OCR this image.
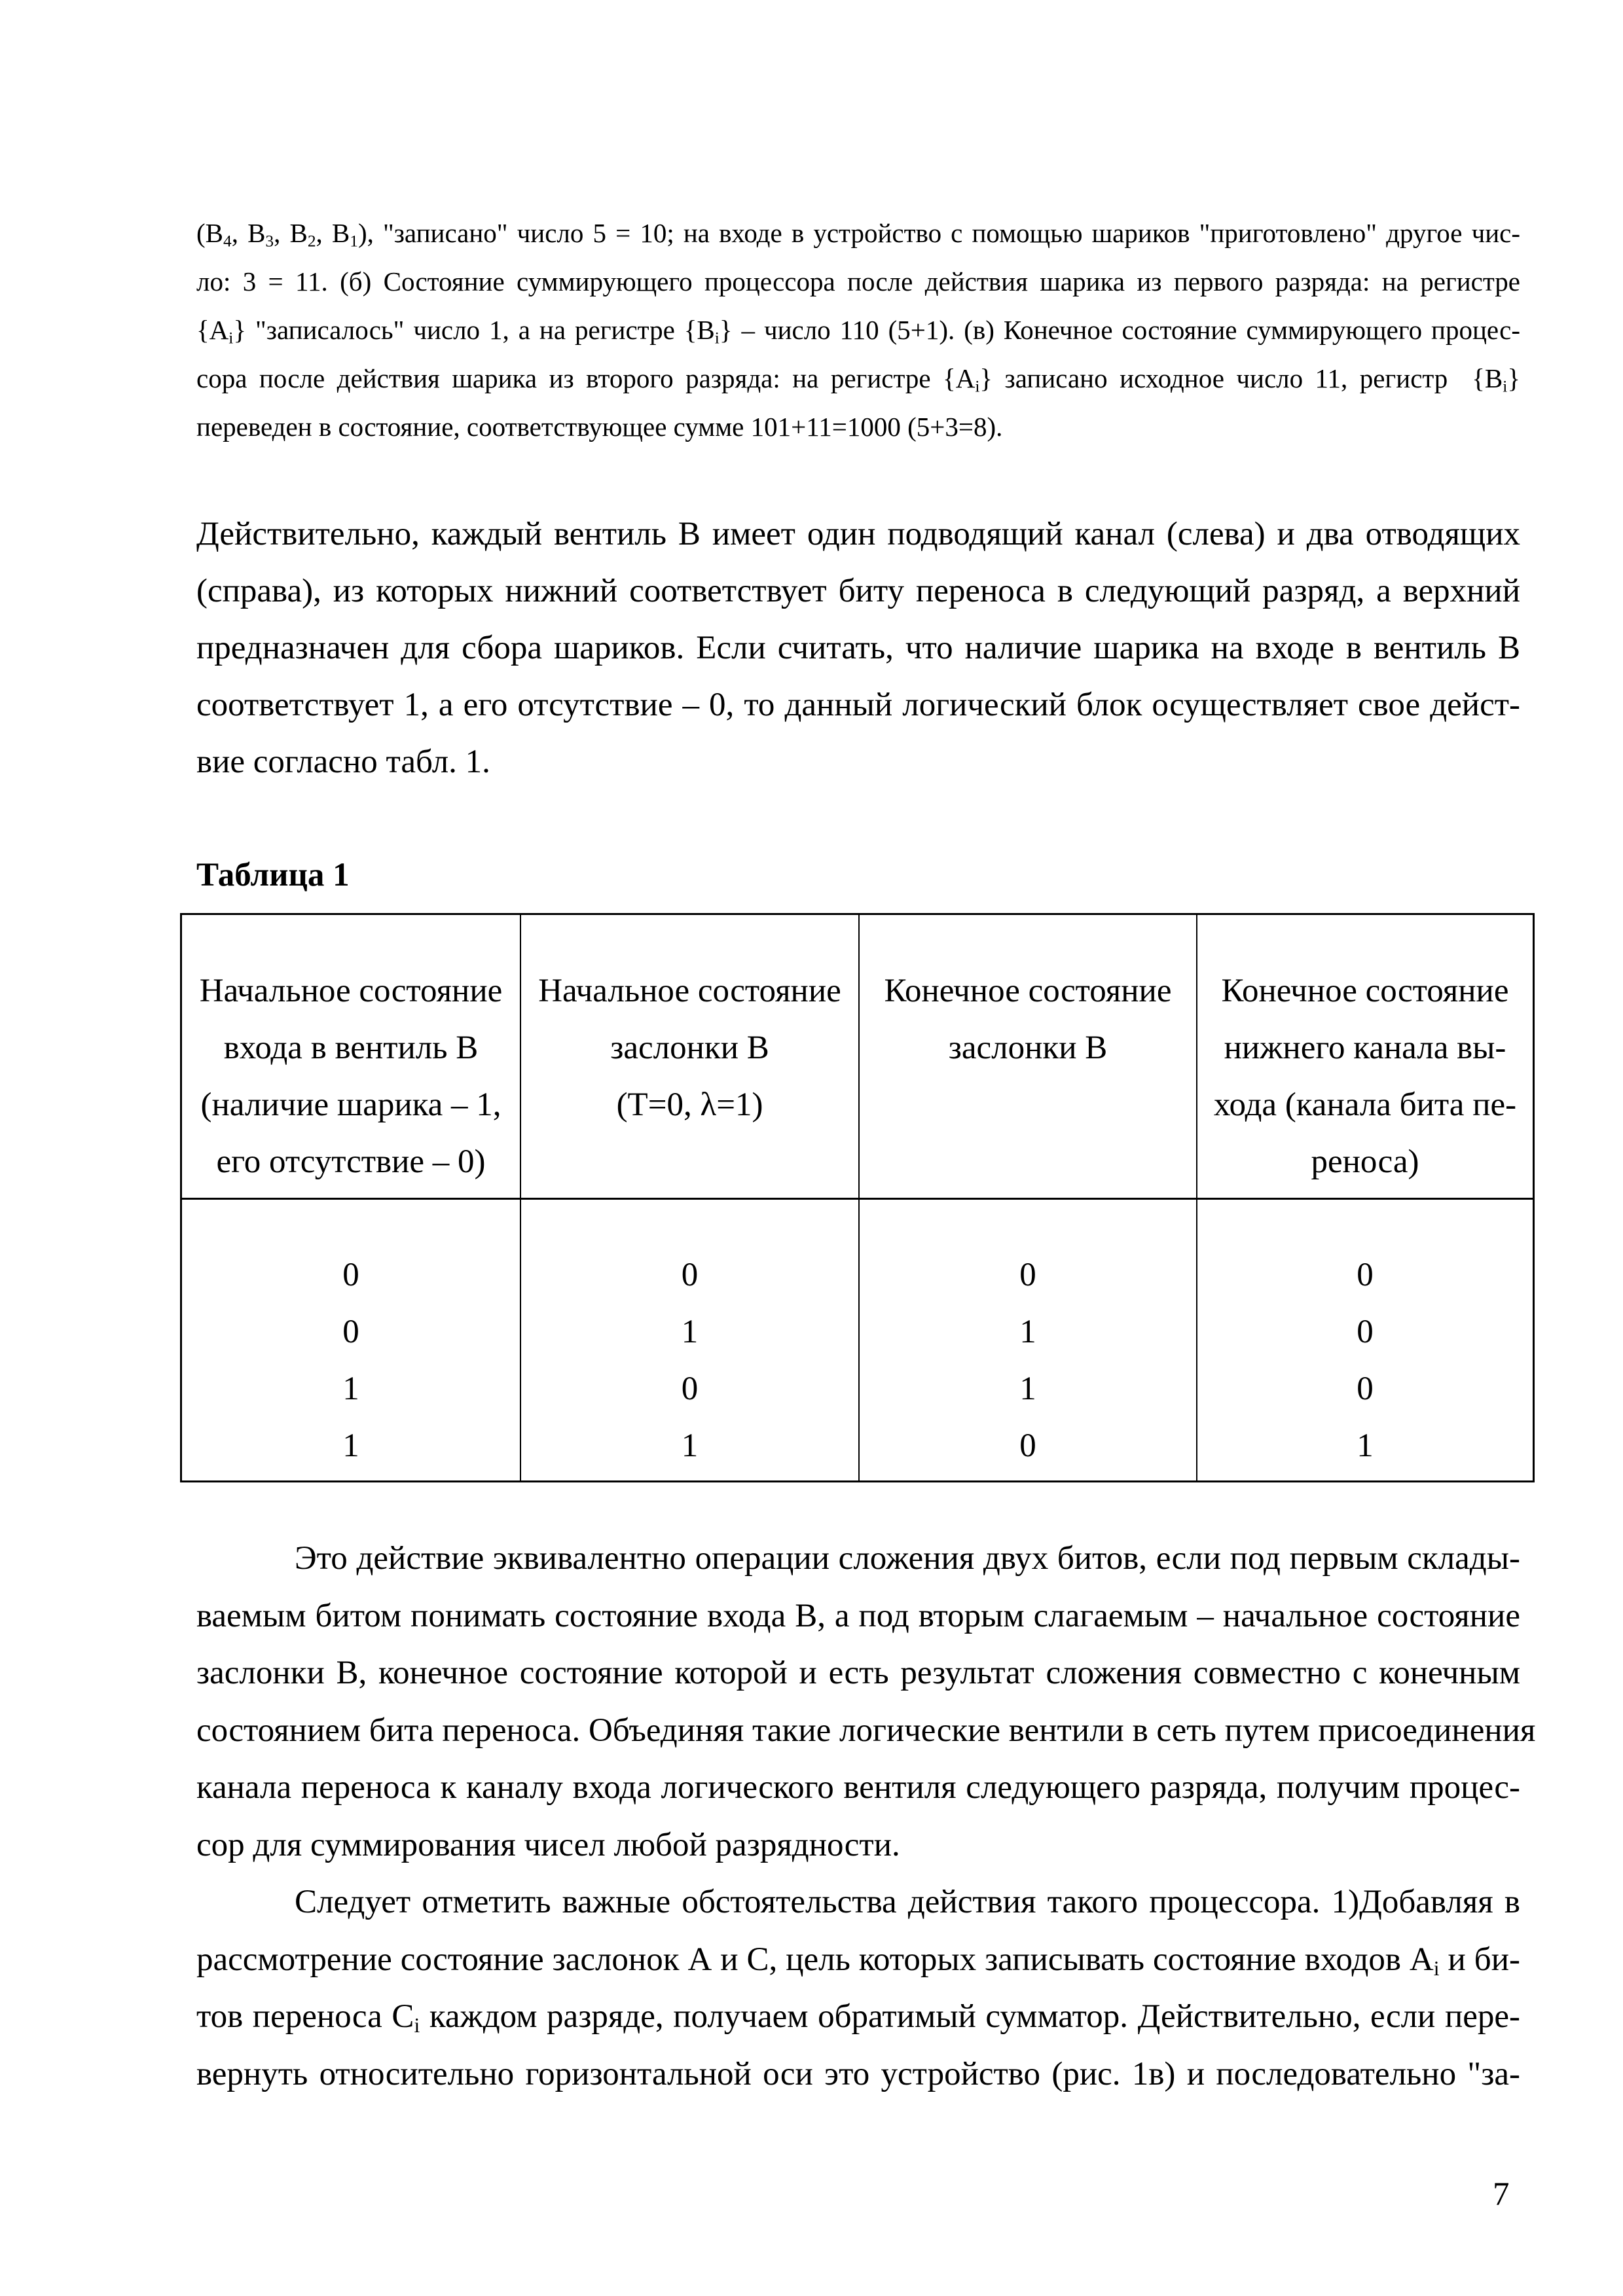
($B_4$, $B_3$, $B_2$, $B_1$), "записано" число 5 = 10; на входе в устройство с помощью шариков "приготовлено" другое чис-
ло: 3 = 11. (б) Состояние суммирующего процессора после действия шарика из первого разряда: на регистре
$\{A_i\}$ "записалось" число 1, а на регистре $\{B_i\}$ – число 110 (5+1). (в) Конечное состояние суммирующего процес-
сора после действия шарика из второго разряда: на регистре $\{A_i\}$ записано исходное число 11, регистр  $\{B_i\}$
переведен в состояние, соответствующее сумме 101+11=1000 (5+3=8).
Действительно, каждый вентиль В имеет один подводящий канал (слева) и два отводящих
(справа), из которых нижний соответствует биту переноса в следующий разряд, а верхний
предназначен для сбора шариков. Если считать, что наличие шарика на входе в вентиль В
соответствует 1, а его отсутствие – 0, то данный логический блок осуществляет свое дейст-
вие согласно табл. 1.
Таблица 1
Начальное состояние
входа в вентиль В
(наличие шарика – 1,
его отсутствие – 0)
Начальное состояние
заслонки В
(T=0, λ=1)
Конечное состояние
заслонки В
Конечное состояние
нижнего канала вы-
хода (канала бита пе-
реноса)
0
0
1
1
0
1
0
1
0
1
1
0
0
0
0
1
Это действие эквивалентно операции сложения двух битов, если под первым склады-
ваемым битом понимать состояние входа В, а под вторым слагаемым – начальное состояние
заслонки В, конечное состояние которой и есть результат сложения совместно с конечным
состоянием бита переноса. Объединяя такие логические вентили в сеть путем присоединения
канала переноса к каналу входа логического вентиля следующего разряда, получим процес-
сор для суммирования чисел любой разрядности.
Следует отметить важные обстоятельства действия такого процессора. 1)Добавляя в
рассмотрение состояние заслонок А и С, цель которых записывать состояние входов $A_i$ и би-
тов переноса $C_i$ каждом разряде, получаем обратимый сумматор. Действительно, если пере-
вернуть относительно горизонтальной оси это устройство (рис. 1в) и последовательно "за-
7
